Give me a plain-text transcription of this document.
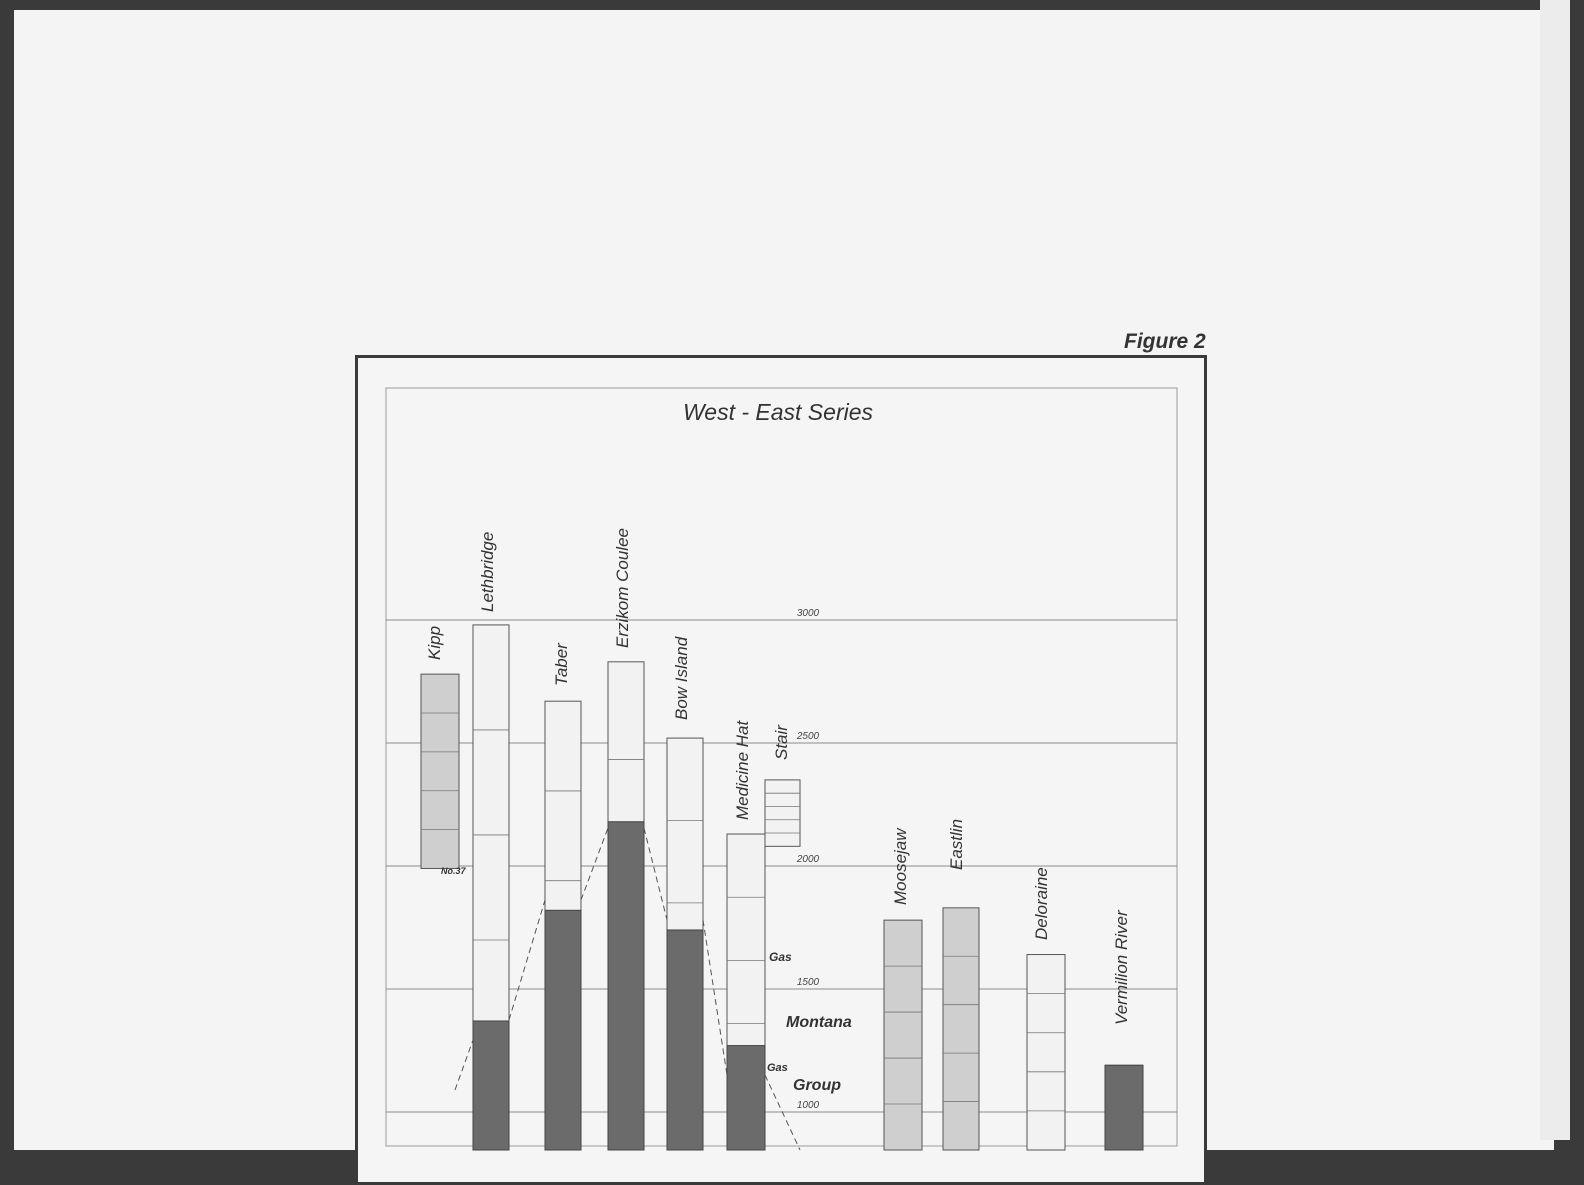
Figure 2
West - East Series
1000
1500
2000
2500
3000
Kipp
Lethbridge
Taber
Erzikom Coulee
Bow Island
Medicine Hat Stair
Moosejaw Eastlin
Deloraine
Vermilion River
No.37
Gas
Gas
Montana
Group
